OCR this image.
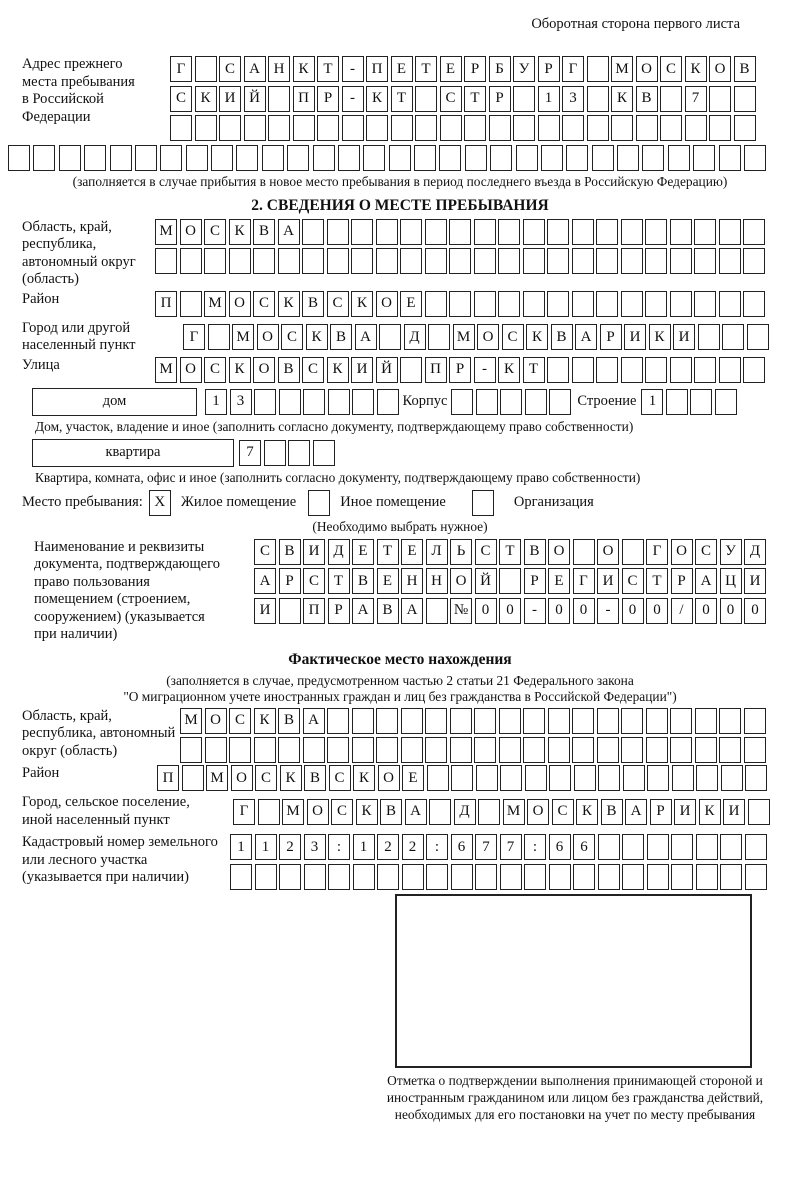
Оборотная сторона первого листа
Адрес прежнего места пребывания в Российской Федерации
Г	С А Н К Т	-	П Е	Т	Е	Р	Б У	Р	Г	М О С К О В
С К И Й	П Р	-	К Т	С Т	Р	1	3	К В	7
(заполняется в случае прибытия в новое место пребывания в период последнего въезда в Российскую Федерацию)
2. СВЕДЕНИЯ О МЕСТЕ ПРЕБЫВАНИЯ
Область, край, республика, автономный округ (область)
М О С К В А
Район	П	М О С К В С К О Е
Город или другой населенный пункт
Г	М О С К В А	Д	М О С К В А Р И К И
Улица	М О С К О В С К И Й	П Р	-	К Т
дом	1	3	Корпус	Строение 1
Дом, участок, владение и иное (заполнить согласно документу, подтверждающему право собственности)
квартира	7
Квартира, комната, офис и иное (заполнить согласно документу, подтверждающему право собственности)
Место пребывания: X	Жилое помещение	Иное помещение	Организация
(Необходимо выбрать нужное)
Наименование и реквизиты документа, подтверждающего право пользования помещением (строением, сооружением) (указывается при наличии)
С В И Д Е	Т	Е Л	Ь	С Т В О	О	Г О С У Д
А Р	С Т В Е Н Н О Й	Р	Е	Г И С Т	Р А Ц И
И	П Р А В А	№ 0	0	-	0	0	-	0	0	/	0	0	0
Фактическое место нахождения
(заполняется в случае, предусмотренном частью 2 статьи 21 Федерального закона
"О миграционном учете иностранных граждан и лиц без гражданства в Российской Федерации")
Область, край, республика, автономный округ (область)
М О С К В А
Район	П	М О С К В С К О Е
Город, сельское поселение, иной населенный пункт
Г	М О С К В А	Д	М О С К В А Р И К И
Кадастровый номер земельного или лесного участка (указывается при наличии)
1	1	2	3	:	1	2	2	:	6	7	7	:	6	6
Отметка о подтверждении выполнения принимающей стороной и иностранным гражданином или лицом без гражданства действий, необходимых для его постановки на учет по месту пребывания
